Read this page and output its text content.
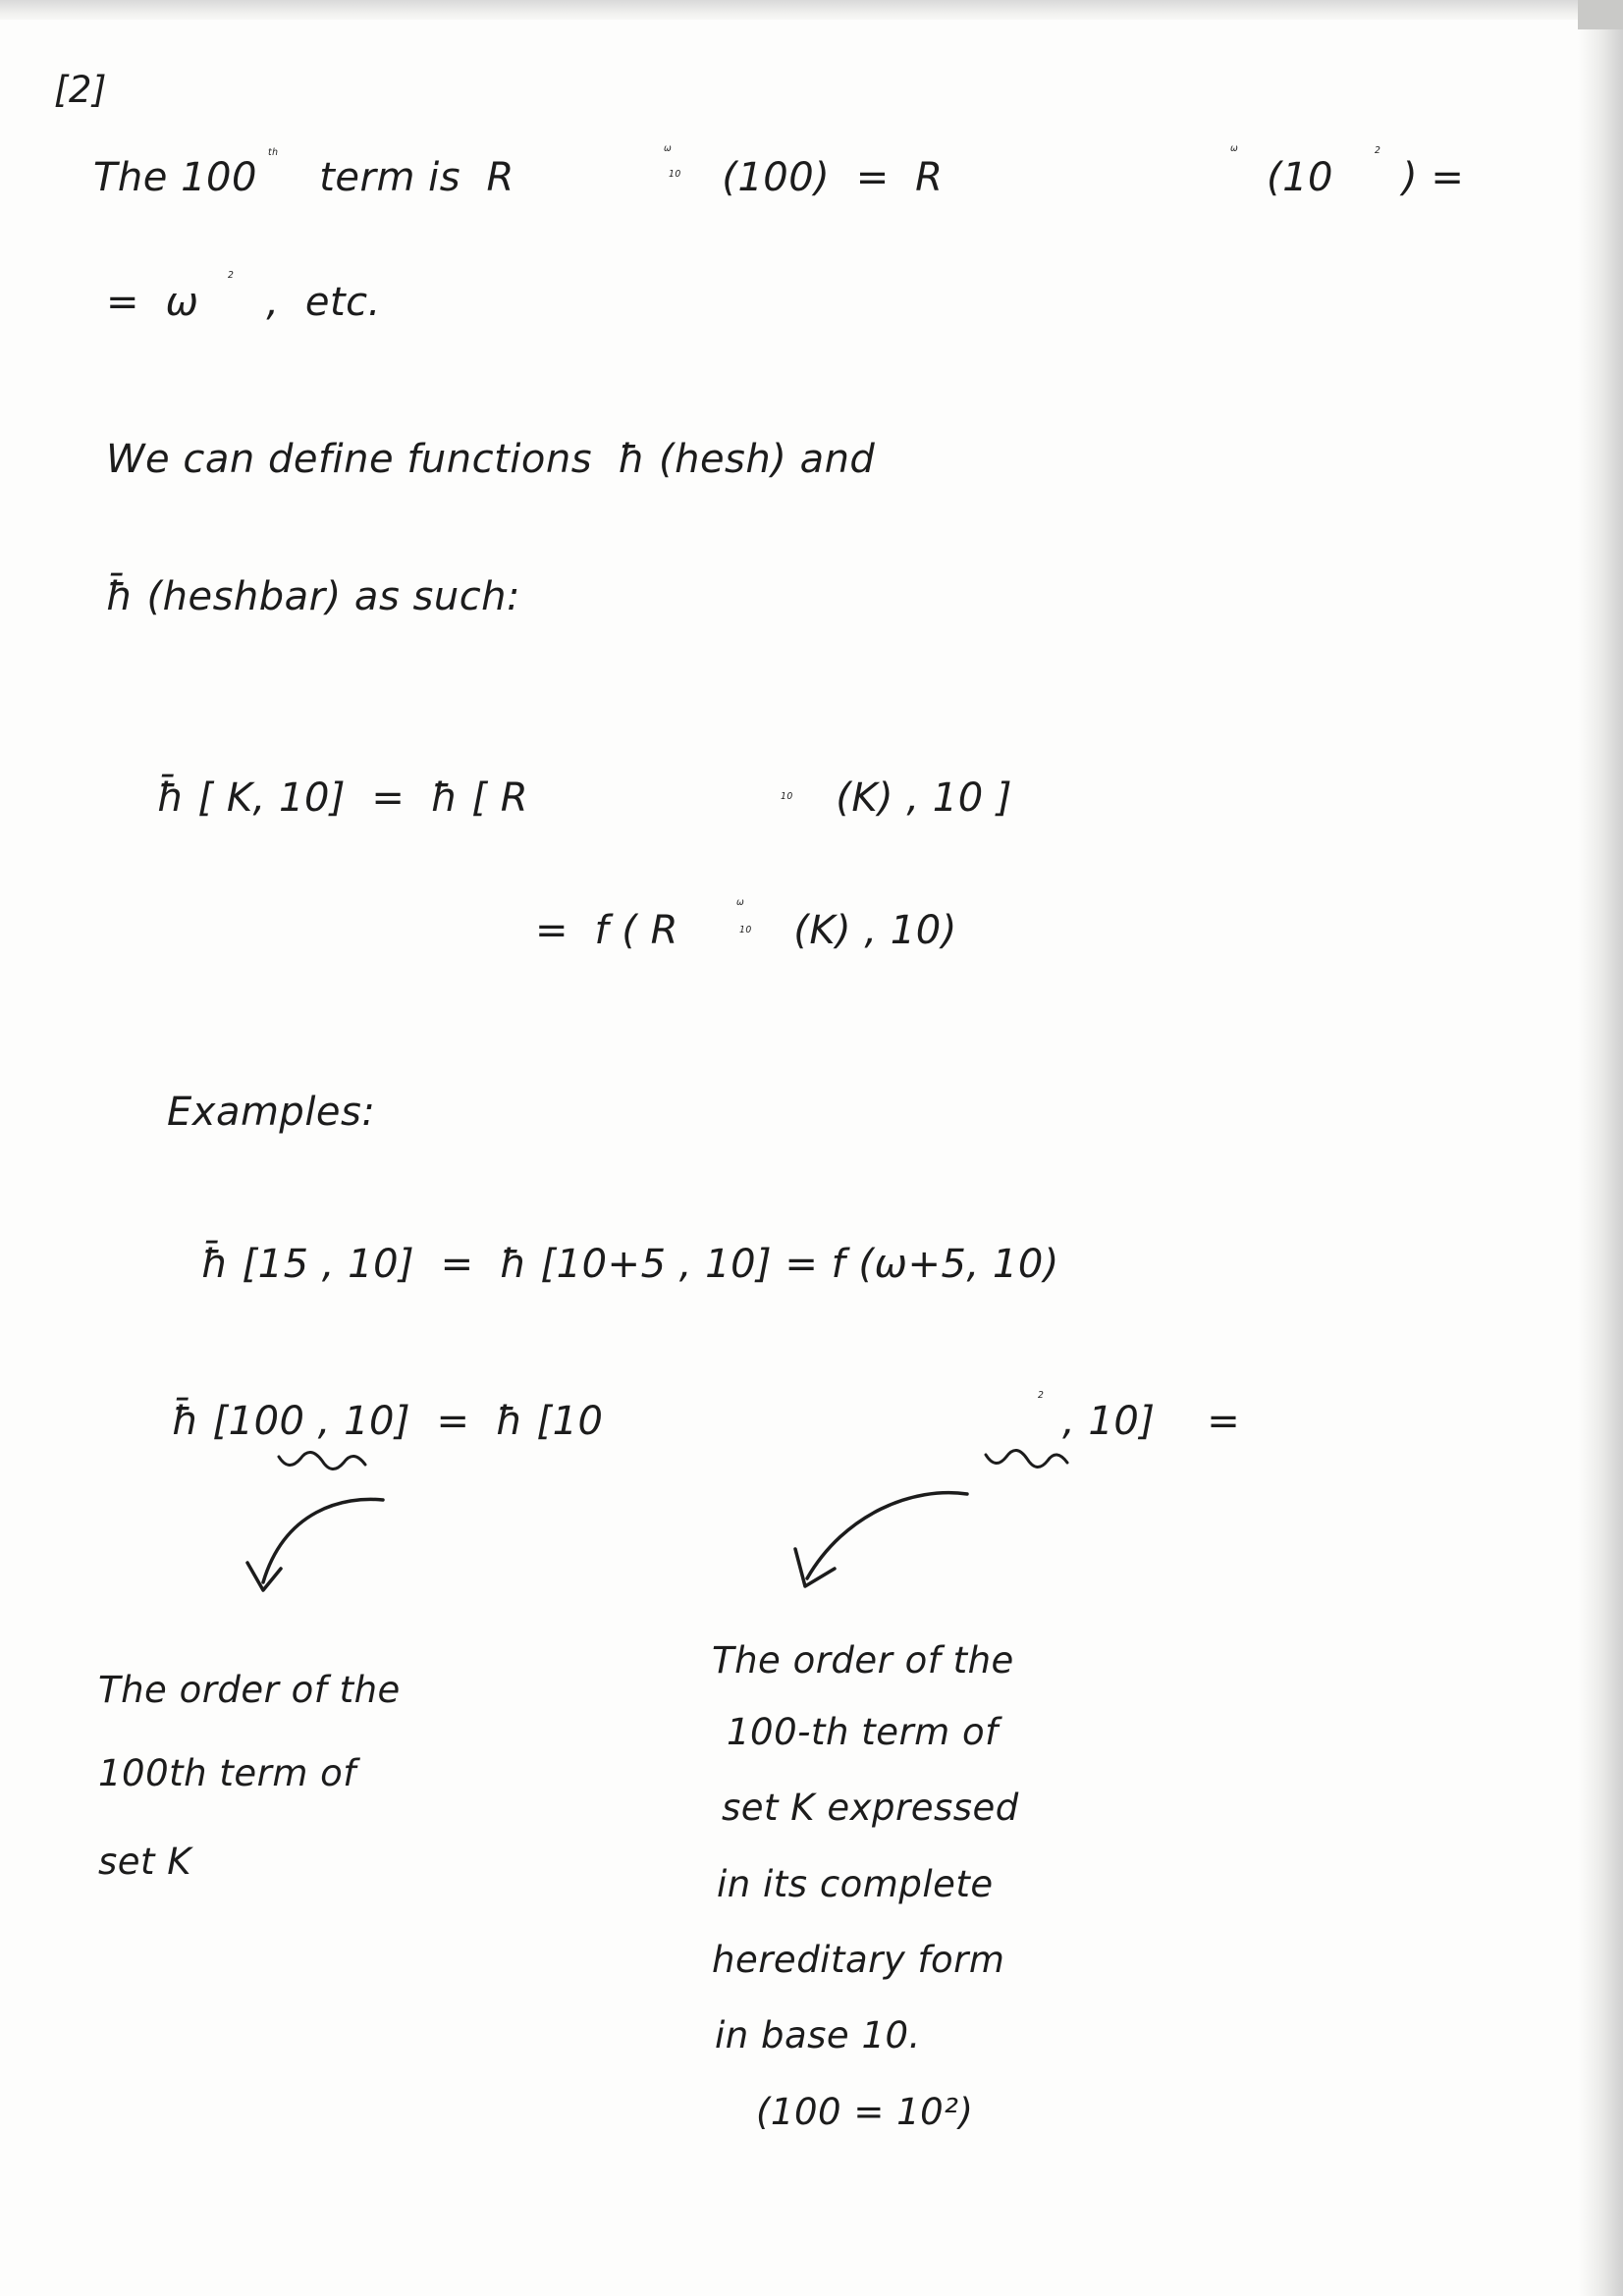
[2]
The 100
th
term is  R	10
ω
(100)  =  R
ω
(10
2
) =
=  ω
2
,  etc.
We can define functions  ħ (hesh) and
ħ̄ (heshbar) as such:
ħ̄ [ K, 10]  =  ħ [ R	10 (K) , 10 ]
=  f ( R	10
ω
(K) , 10)
Examples:
ħ̄ [15 , 10]  =  ħ [10+5 , 10] = f (ω+5, 10)
ħ̄ [100 , 10]  =  ħ [10
2
, 10]    =
The order of the
100th term of
set K
The order of the
100-th term of
set K expressed
in its complete
hereditary form
in base 10.
(100 = 10²)
